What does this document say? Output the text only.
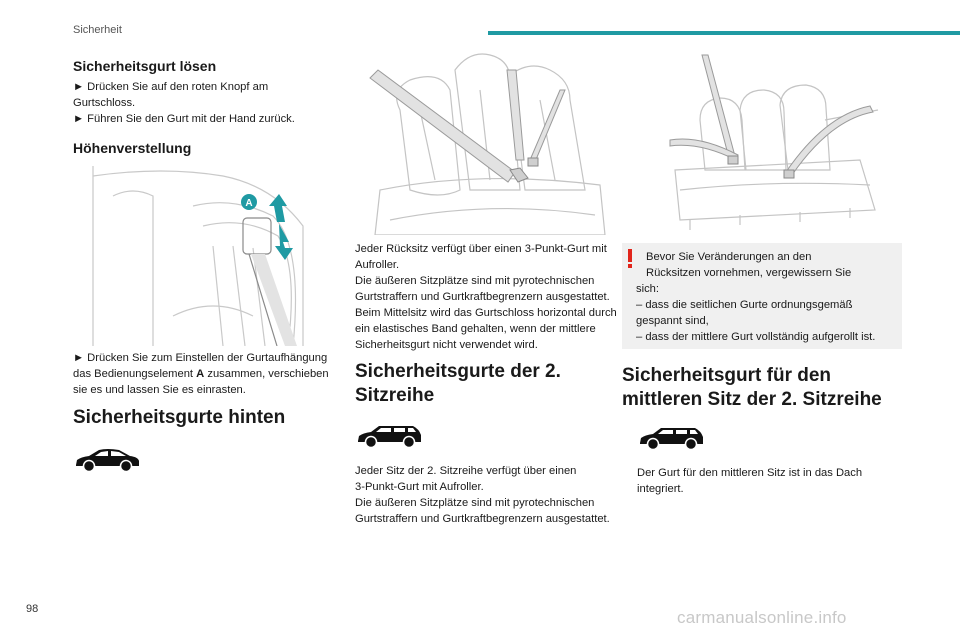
Sicherheit
Sicherheitsgurt lösen
► Drücken Sie auf den roten Knopf am
Gurtschloss.
► Führen Sie den Gurt mit der Hand zurück.
Höhenverstellung
A
► Drücken Sie zum Einstellen der Gurtaufhängung
das Bedienungselement A zusammen, verschieben
sie es und lassen Sie es einrasten.
Sicherheitsgurte hinten
Jeder Rücksitz verfügt über einen 3-Punkt-Gurt mit
Aufroller.
Die äußeren Sitzplätze sind mit pyrotechnischen
Gurtstraffern und Gurtkraftbegrenzern ausgestattet.
Beim Mittelsitz wird das Gurtschloss horizontal durch
ein elastisches Band gehalten, wenn der mittlere
Sicherheitsgurt nicht verwendet wird.
Sicherheitsgurte der 2.
Sitzreihe
Jeder Sitz der 2. Sitzreihe verfügt über einen
3-Punkt-Gurt mit Aufroller.
Die äußeren Sitzplätze sind mit pyrotechnischen
Gurtstraffern und Gurtkraftbegrenzern ausgestattet.
Bevor Sie Veränderungen an den
Rücksitzen vornehmen, vergewissern Sie
sich:
– dass die seitlichen Gurte ordnungsgemäß
gespannt sind,
– dass der mittlere Gurt vollständig aufgerollt ist.
Sicherheitsgurt für den
mittleren Sitz der 2. Sitzreihe
Der Gurt für den mittleren Sitz ist in das Dach
integriert.
98	carmanualsonline.info
